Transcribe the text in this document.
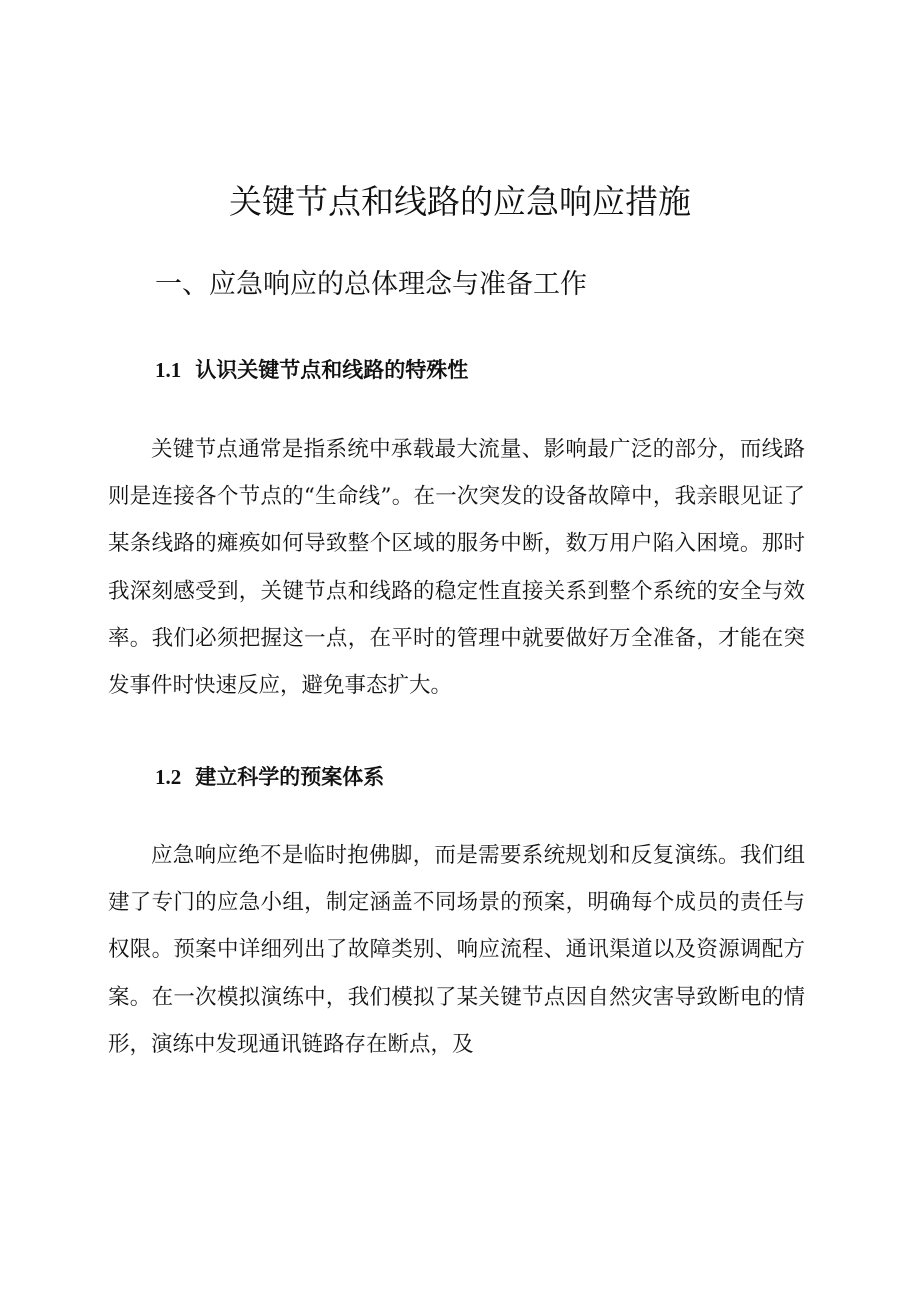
关键节点和线路的应急响应措施
一、应急响应的总体理念与准备工作
1.1 认识关键节点和线路的特殊性

关键节点通常是指系统中承载最大流量、影响最广泛的部分，而线路则是连接各个节点的“生命线”。在一次突发的设备故障中，我亲眼见证了某条线路的瘫痪如何导致整个区域的服务中断，数万用户陷入困境。那时我深刻感受到，关键节点和线路的稳定性直接关系到整个系统的安全与效率。我们必须把握这一点，在平时的管理中就要做好万全准备，才能在突发事件时快速反应，避免事态扩大。

1.2 建立科学的预案体系

应急响应绝不是临时抱佛脚，而是需要系统规划和反复演练。我们组建了专门的应急小组，制定涵盖不同场景的预案，明确每个成员的责任与权限。预案中详细列出了故障类别、响应流程、通讯渠道以及资源调配方案。在一次模拟演练中，我们模拟了某关键节点因自然灾害导致断电的情形，演练中发现通讯链路存在断点，及
